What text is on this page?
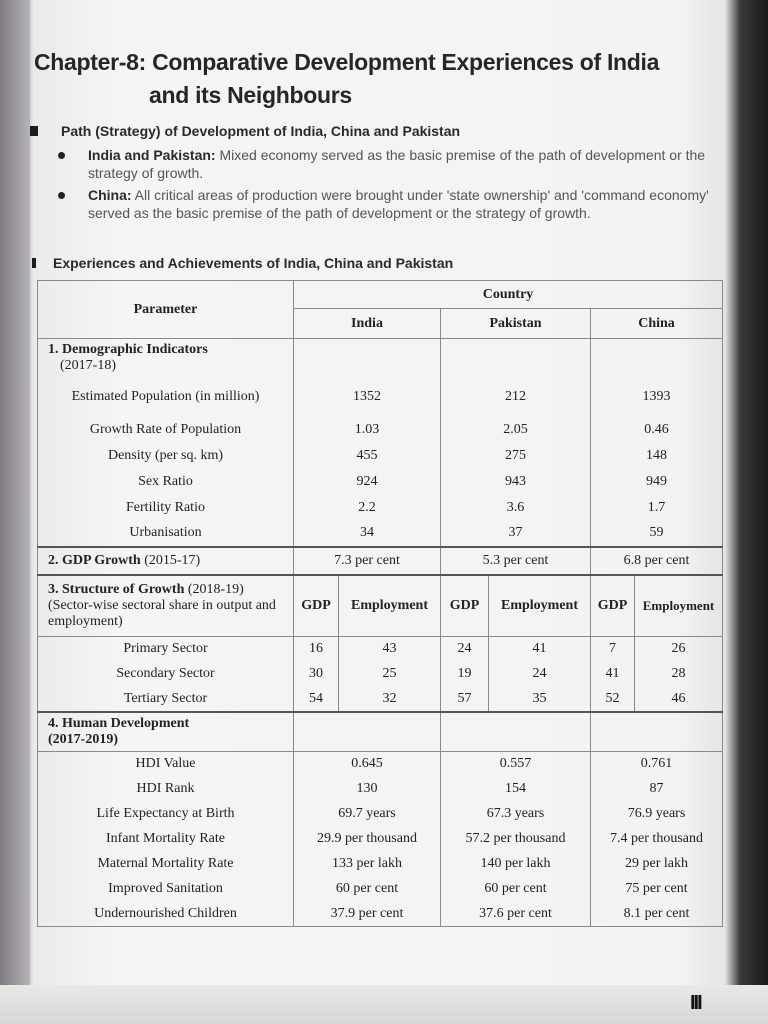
Chapter-8: Comparative Development Experiences of India
and its Neighbours
Path (Strategy) of Development of India, China and Pakistan
India and Pakistan: Mixed economy served as the basic premise of the path of development or the strategy of growth.
China: All critical areas of production were brought under 'state ownership' and 'command economy' served as the basic premise of the path of development or the strategy of growth.
Experiences and Achievements of India, China and Pakistan
Parameter	Country					
	India		Pakistan		China	
1. Demographic Indicators
(2017-18)						
Estimated Population (in million)	1352		212		1393	
Growth Rate of Population	1.03		2.05		0.46	
Density (per sq. km)	455		275		148	
Sex Ratio	924		943		949	
Fertility Ratio	2.2		3.6		1.7	
Urbanisation	34		37		59	
2. GDP Growth (2015-17)	7.3 per cent		5.3 per cent		6.8 per cent	
3. Structure of Growth (2018-19)
(Sector-wise sectoral share in output and employment)	GDP	Employment	GDP	Employment	GDP	Employment
Primary Sector	16	43	24	41	7	26
Secondary Sector	30	25	19	24	41	28
Tertiary Sector	54	32	57	35	52	46
4. Human Development
(2017-2019)						
HDI Value	0.645		0.557		0.761	
HDI Rank	130		154		87	
Life Expectancy at Birth	69.7 years		67.3 years		76.9 years	
Infant Mortality Rate	29.9 per thousand		57.2 per thousand		7.4 per thousand	
Maternal Mortality Rate	133 per lakh		140 per lakh		29 per lakh	
Improved Sanitation	60 per cent		60 per cent		75 per cent	
Undernourished Children	37.9 per cent		37.6 per cent		8.1 per cent	
III
